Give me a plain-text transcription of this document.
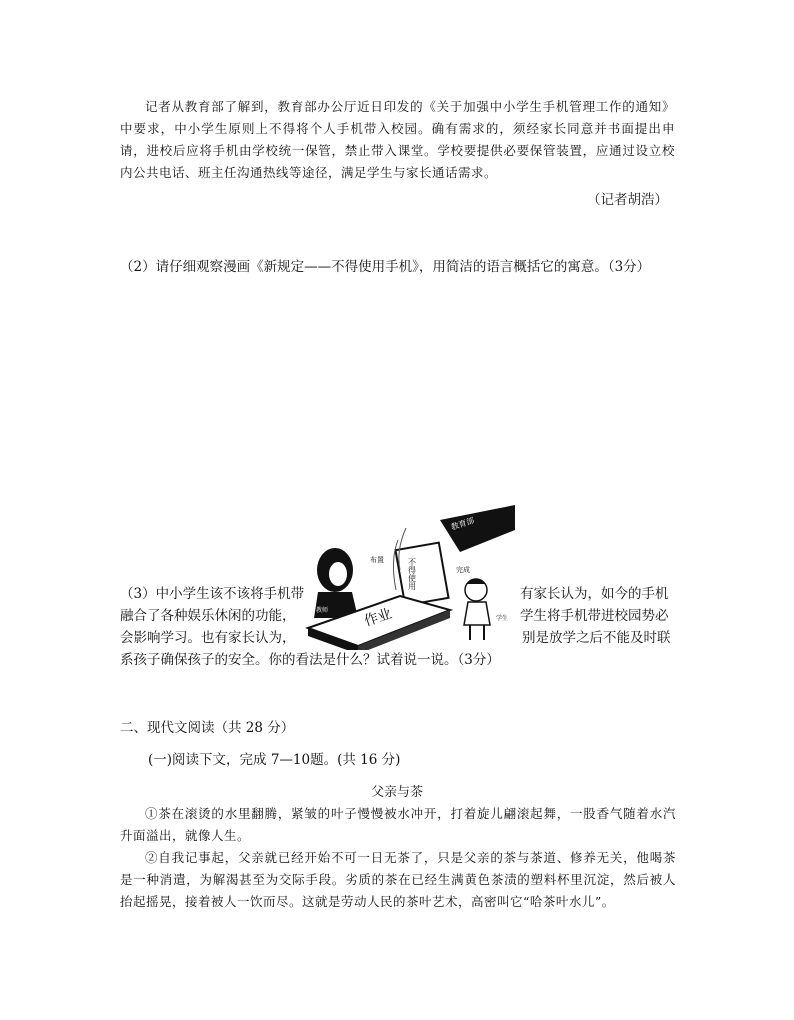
记者从教育部了解到，教育部办公厅近日印发的《关于加强中小学生手机管理工作的通知》中要求，中小学生原则上不得将个人手机带入校园。确有需求的，须经家长同意并书面提出申请，进校后应将手机由学校统一保管，禁止带入课堂。学校要提供必要保管装置，应通过设立校内公共电话、班主任沟通热线等途径，满足学生与家长通话需求。

（记者胡浩）

（2）请仔细观察漫画《新规定——不得使用手机》，用简洁的语言概括它的寓意。（3分）

教育部
不得使用
布置
教师 作业
完成
学生
（3）中小学生该不该将手机带	有家长认为，如今的手机
融合了各种娱乐休闲的功能，	学生将手机带进校园势必
会影响学习。也有家长认为，	别是放学之后不能及时联
系孩子确保孩子的安全。你的看法是什么？试着说一说。（3分）
二、现代文阅读（共 28 分）
(一)阅读下文，完成 7—10题。(共 16 分)
父亲与茶

①茶在滚烫的水里翻腾，紧皱的叶子慢慢被水冲开，打着旋儿翩滚起舞，一股香气随着水汽升面溢出，就像人生。

②自我记事起，父亲就已经开始不可一日无茶了，只是父亲的茶与茶道、修养无关，他喝茶是一种消遣，为解渴甚至为交际手段。劣质的茶在已经生满黄色茶渍的塑料杯里沉淀，然后被人抬起摇晃，接着被人一饮而尽。这就是劳动人民的茶叶艺术，高密叫它“哈茶叶水儿”。
